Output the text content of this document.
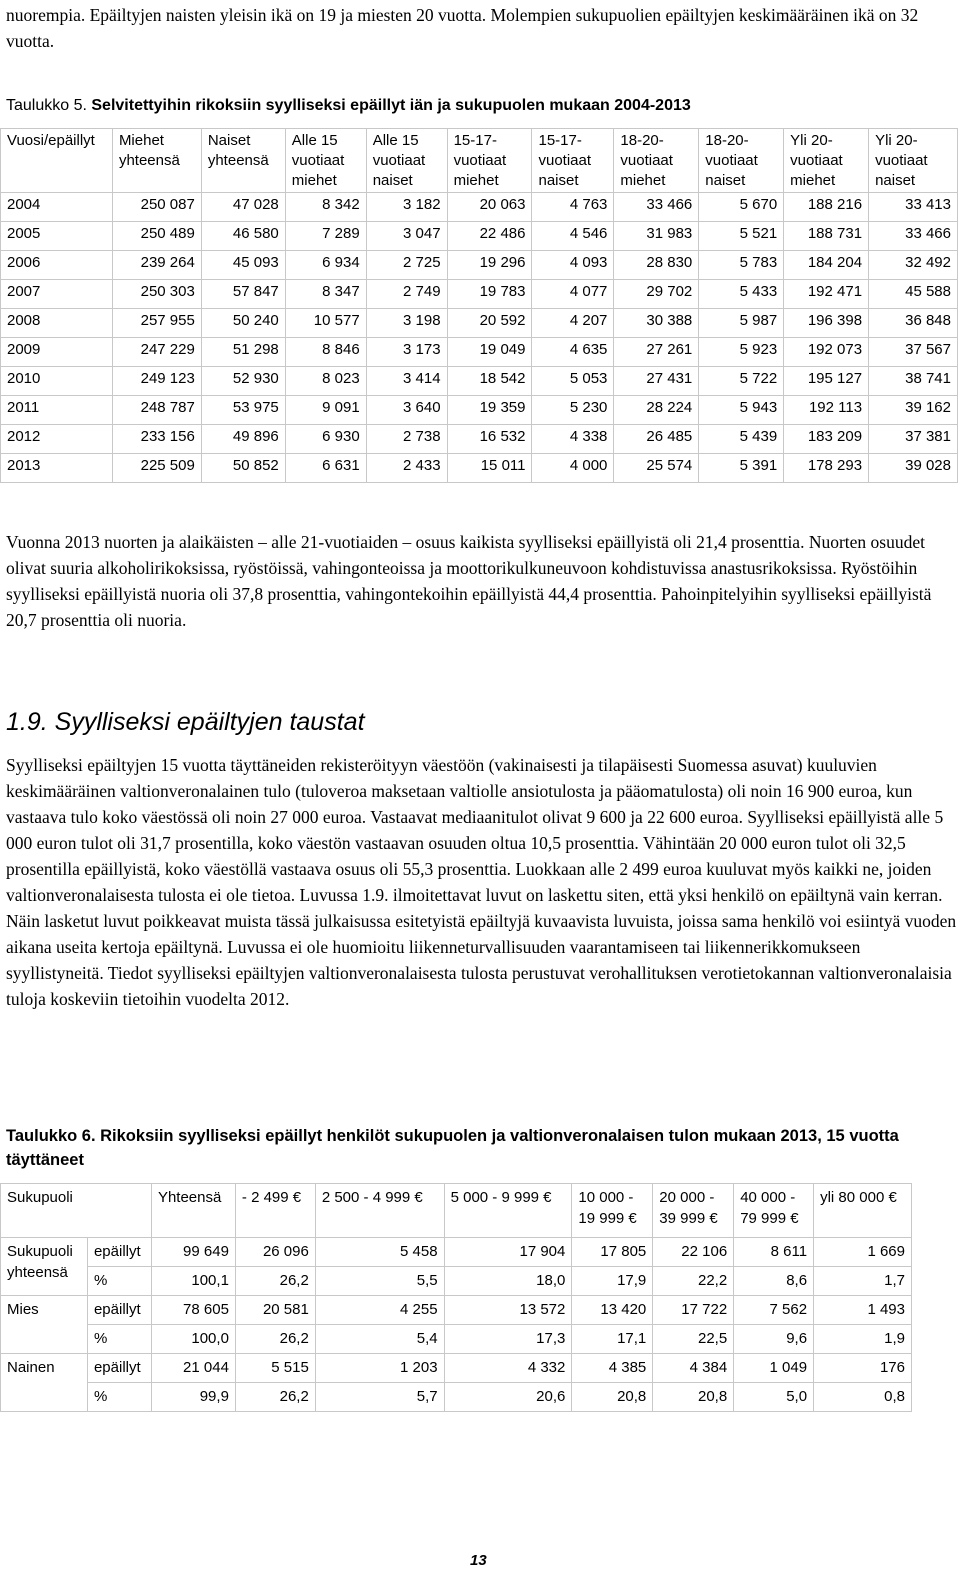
nuorempia. Epäiltyjen naisten yleisin ikä on 19 ja miesten 20 vuotta. Molempien sukupuolien epäiltyjen keskimääräinen ikä on 32 vuotta.

Taulukko 5. Selvitettyihin rikoksiin syylliseksi epäillyt iän ja sukupuolen mukaan 2004-2013
Vuosi/epäillyt	Miehet yhteensä	Naiset yhteensä	Alle 15 vuotiaat miehet	Alle 15 vuotiaat naiset	15-17-vuotiaat miehet	15-17-vuotiaat naiset	18-20-vuotiaat miehet	18-20-vuotiaat naiset	Yli 20-vuotiaat miehet	Yli 20-vuotiaat naiset
2004	250 087	47 028	8 342	3 182	20 063	4 763	33 466	5 670	188 216	33 413
2005	250 489	46 580	7 289	3 047	22 486	4 546	31 983	5 521	188 731	33 466
2006	239 264	45 093	6 934	2 725	19 296	4 093	28 830	5 783	184 204	32 492
2007	250 303	57 847	8 347	2 749	19 783	4 077	29 702	5 433	192 471	45 588
2008	257 955	50 240	10 577	3 198	20 592	4 207	30 388	5 987	196 398	36 848
2009	247 229	51 298	8 846	3 173	19 049	4 635	27 261	5 923	192 073	37 567
2010	249 123	52 930	8 023	3 414	18 542	5 053	27 431	5 722	195 127	38 741
2011	248 787	53 975	9 091	3 640	19 359	5 230	28 224	5 943	192 113	39 162
2012	233 156	49 896	6 930	2 738	16 532	4 338	26 485	5 439	183 209	37 381
2013	225 509	50 852	6 631	2 433	15 011	4 000	25 574	5 391	178 293	39 028

Vuonna 2013 nuorten ja alaikäisten – alle 21-vuotiaiden – osuus kaikista syylliseksi epäillyistä oli 21,4 prosenttia. Nuorten osuudet olivat suuria alkoholirikoksissa, ryöstöissä, vahingonteoissa ja moottorikulkuneuvoon kohdistuvissa anastusrikoksissa. Ryöstöihin syylliseksi epäillyistä nuoria oli 37,8 prosenttia, vahingontekoihin epäillyistä 44,4 prosenttia. Pahoinpitelyihin syylliseksi epäillyistä 20,7 prosenttia oli nuoria.

1.9. Syylliseksi epäiltyjen taustat

Syylliseksi epäiltyjen 15 vuotta täyttäneiden rekisteröityyn väestöön (vakinaisesti ja tilapäisesti Suomessa asuvat) kuuluvien keskimääräinen valtionveronalainen tulo (tuloveroa maksetaan valtiolle ansiotulosta ja pääomatulosta) oli noin 16 900 euroa, kun vastaava tulo koko väestössä oli noin 27 000 euroa. Vastaavat mediaanitulot olivat 9 600 ja 22 600 euroa. Syylliseksi epäillyistä alle 5 000 euron tulot oli 31,7 prosentilla, koko väestön vastaavan osuuden oltua 10,5 prosenttia. Vähintään 20 000 euron tulot oli 32,5 prosentilla epäillyistä, koko väestöllä vastaava osuus oli 55,3 prosenttia. Luokkaan alle 2 499 euroa kuuluvat myös kaikki ne, joiden valtionveronalaisesta tulosta ei ole tietoa. Luvussa 1.9. ilmoitettavat luvut on laskettu siten, että yksi henkilö on epäiltynä vain kerran. Näin lasketut luvut poikkeavat muista tässä julkaisussa esitetyistä epäiltyjä kuvaavista luvuista, joissa sama henkilö voi esiintyä vuoden aikana useita kertoja epäiltynä. Luvussa ei ole huomioitu liikenneturvallisuuden vaarantamiseen tai liikennerikkomukseen syyllistyneitä. Tiedot syylliseksi epäiltyjen valtionveronalaisesta tulosta perustuvat verohallituksen verotietokannan valtionveronalaisia tuloja koskeviin tietoihin vuodelta 2012.

Taulukko 6. Rikoksiin syylliseksi epäillyt henkilöt sukupuolen ja valtionveronalaisen tulon mukaan 2013, 15 vuotta täyttäneet
Sukupuoli		Yhteensä	- 2 499 €	2 500 - 4 999 €	5 000 - 9 999 €	10 000 - 19 999 €	20 000 - 39 999 €	40 000 - 79 999 €	yli 80 000 €
Sukupuoli yhteensä	epäillyt	99 649	26 096	5 458	17 904	17 805	22 106	8 611	1 669
	%	100,1	26,2	5,5	18,0	17,9	22,2	8,6	1,7
Mies	epäillyt	78 605	20 581	4 255	13 572	13 420	17 722	7 562	1 493
	%	100,0	26,2	5,4	17,3	17,1	22,5	9,6	1,9
Nainen	epäillyt	21 044	5 515	1 203	4 332	4 385	4 384	1 049	176
	%	99,9	26,2	5,7	20,6	20,8	20,8	5,0	0,8
13
